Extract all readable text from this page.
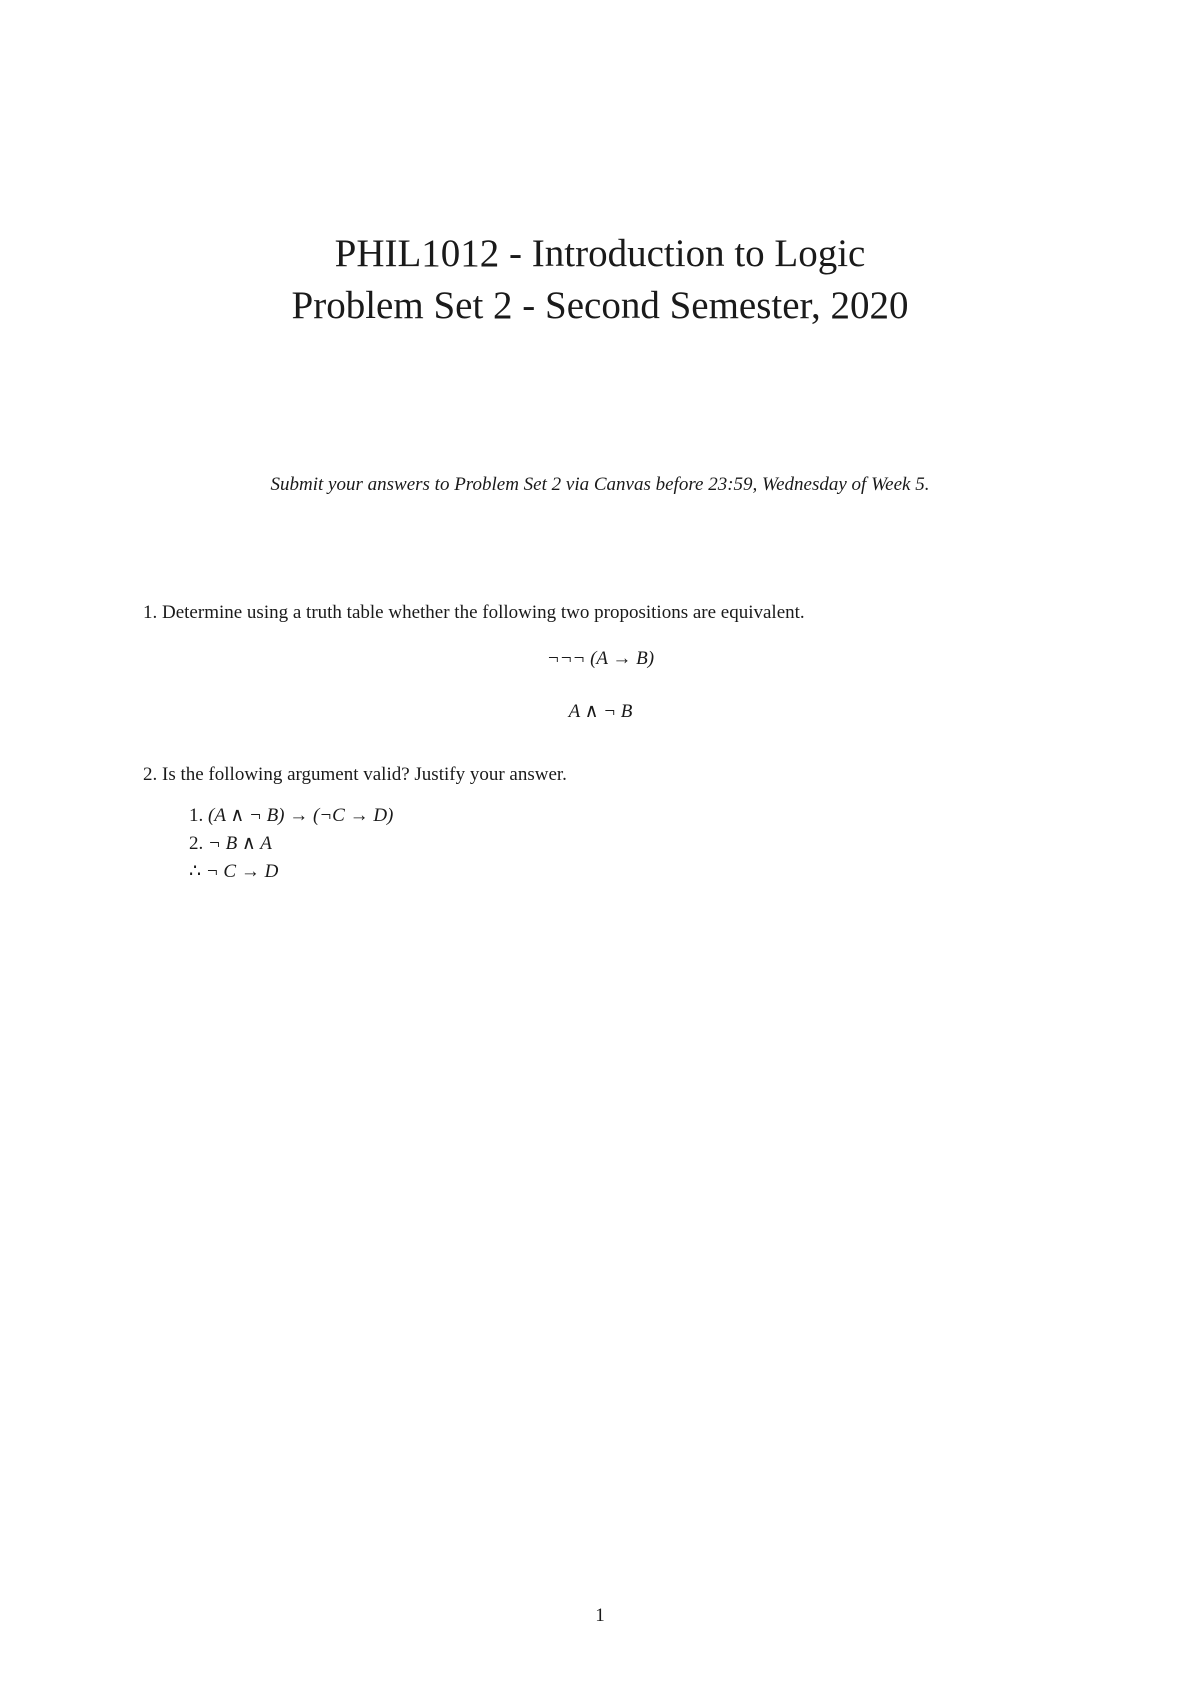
PHIL1012 - Introduction to Logic
Problem Set 2 - Second Semester, 2020
Submit your answers to Problem Set 2 via Canvas before 23:59, Wednesday of Week 5.
1. Determine using a truth table whether the following two propositions are equivalent.
¬¬¬ (A → B)
A ∧ ¬ B
2. Is the following argument valid? Justify your answer.
1. (A ∧ ¬ B) → (¬C → D)
2. ¬ B ∧ A
∴ ¬ C → D
1
